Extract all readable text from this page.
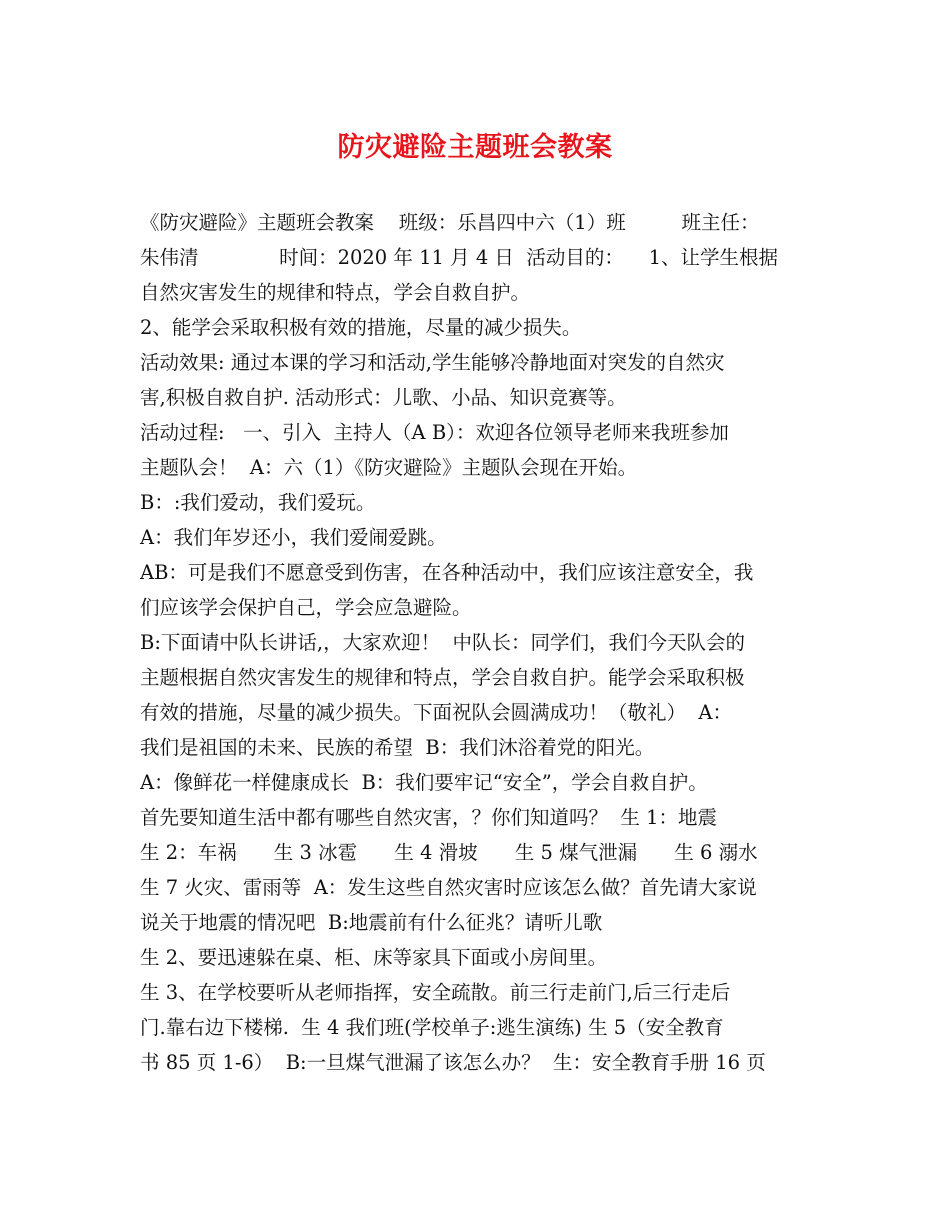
防灾避险主题班会教案
《防灾避险》主题班会教案    班级：乐昌四中六（1）班         班主任：
朱伟清             时间：2020 年 11 月 4 日  活动目的：    1、让学生根据
自然灾害发生的规律和特点，学会自救自护。
2、能学会采取积极有效的措施，尽量的减少损失。
活动效果: 通过本课的学习和活动,学生能够冷静地面对突发的自然灾
害,积极自救自护. 活动形式：儿歌、小品、知识竞赛等。
活动过程:   一、引入  主持人（A B）：欢迎各位领导老师来我班参加
主题队会！  A：六（1）《防灾避险》主题队会现在开始。
B：:我们爱动，我们爱玩。
A：我们年岁还小，我们爱闹爱跳。
AB：可是我们不愿意受到伤害，在各种活动中，我们应该注意安全，我
们应该学会保护自己，学会应急避险。
B:下面请中队长讲话,，大家欢迎！  中队长：同学们，我们今天队会的
主题根据自然灾害发生的规律和特点，学会自救自护。能学会采取积极
有效的措施，尽量的减少损失。下面祝队会圆满成功！（敬礼）  A：
我们是祖国的未来、民族的希望  B：我们沐浴着党的阳光。
A：像鲜花一样健康成长  B：我们要牢记“安全”，学会自救自护。
首先要知道生活中都有哪些自然灾害，？你们知道吗？  生 1：地震
生 2：车祸      生 3 冰雹      生 4 滑坡      生 5 煤气泄漏      生 6 溺水
生 7 火灾、雷雨等  A：发生这些自然灾害时应该怎么做？首先请大家说
说关于地震的情况吧  B:地震前有什么征兆？请听儿歌
生 2、要迅速躲在桌、柜、床等家具下面或小房间里。
生 3、在学校要听从老师指挥，安全疏散。前三行走前门,后三行走后
门.靠右边下楼梯.  生 4 我们班(学校单子:逃生演练) 生 5（安全教育
书 85 页 1-6）  B:一旦煤气泄漏了该怎么办？  生：安全教育手册 16 页
